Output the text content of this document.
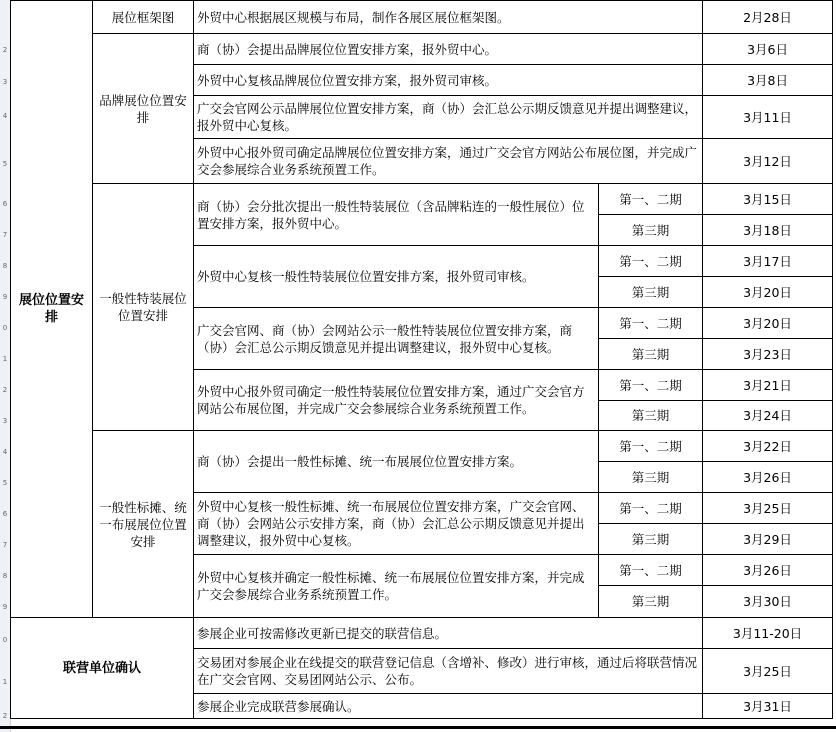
2
3
4
5
6
7
8
9
0
1
2
3
4
5
6
7
8
9
0
1
2
展位位置安排	展位框架图	外贸中心根据展区规模与布局，制作各展区展位框架图。		2月28日
	品牌展位位置安排	商（协）会提出品牌展位位置安排方案，报外贸中心。		3月6日
		外贸中心复核品牌展位位置安排方案，报外贸司审核。		3月8日
		广交会官网公示品牌展位位置安排方案，商（协）会汇总公示期反馈意见并提出调整建议，报外贸中心复核。		3月11日
		外贸中心报外贸司确定品牌展位位置安排方案，通过广交会官方网站公布展位图，并完成广交会参展综合业务系统预置工作。		3月12日
	一般性特装展位位置安排	商（协）会分批次提出一般性特装展位（含品牌粘连的一般性展位）位置安排方案，报外贸中心。	第一、二期	3月15日
			第三期	3月18日
		外贸中心复核一般性特装展位位置安排方案，报外贸司审核。	第一、二期	3月17日
			第三期	3月20日
		广交会官网、商（协）会网站公示一般性特装展位位置安排方案，商（协）会汇总公示期反馈意见并提出调整建议，报外贸中心复核。	第一、二期	3月20日
			第三期	3月23日
		外贸中心报外贸司确定一般性特装展位位置安排方案，通过广交会官方网站公布展位图，并完成广交会参展综合业务系统预置工作。	第一、二期	3月21日
			第三期	3月24日
	一般性标摊、统一布展展位位置安排	商（协）会提出一般性标摊、统一布展展位位置安排方案。	第一、二期	3月22日
			第三期	3月26日
		外贸中心复核一般性标摊、统一布展展位位置安排方案，广交会官网、商（协）会网站公示安排方案，商（协）会汇总公示期反馈意见并提出调整建议，报外贸中心复核。	第一、二期	3月25日
			第三期	3月29日
		外贸中心复核并确定一般性标摊、统一布展展位位置安排方案，并完成广交会参展综合业务系统预置工作。	第一、二期	3月26日
			第三期	3月30日
联营单位确认		参展企业可按需修改更新已提交的联营信息。		3月11-20日
		交易团对参展企业在线提交的联营登记信息（含增补、修改）进行审核，通过后将联营情况在广交会官网、交易团网站公示、公布。		3月25日
		参展企业完成联营参展确认。		3月31日
